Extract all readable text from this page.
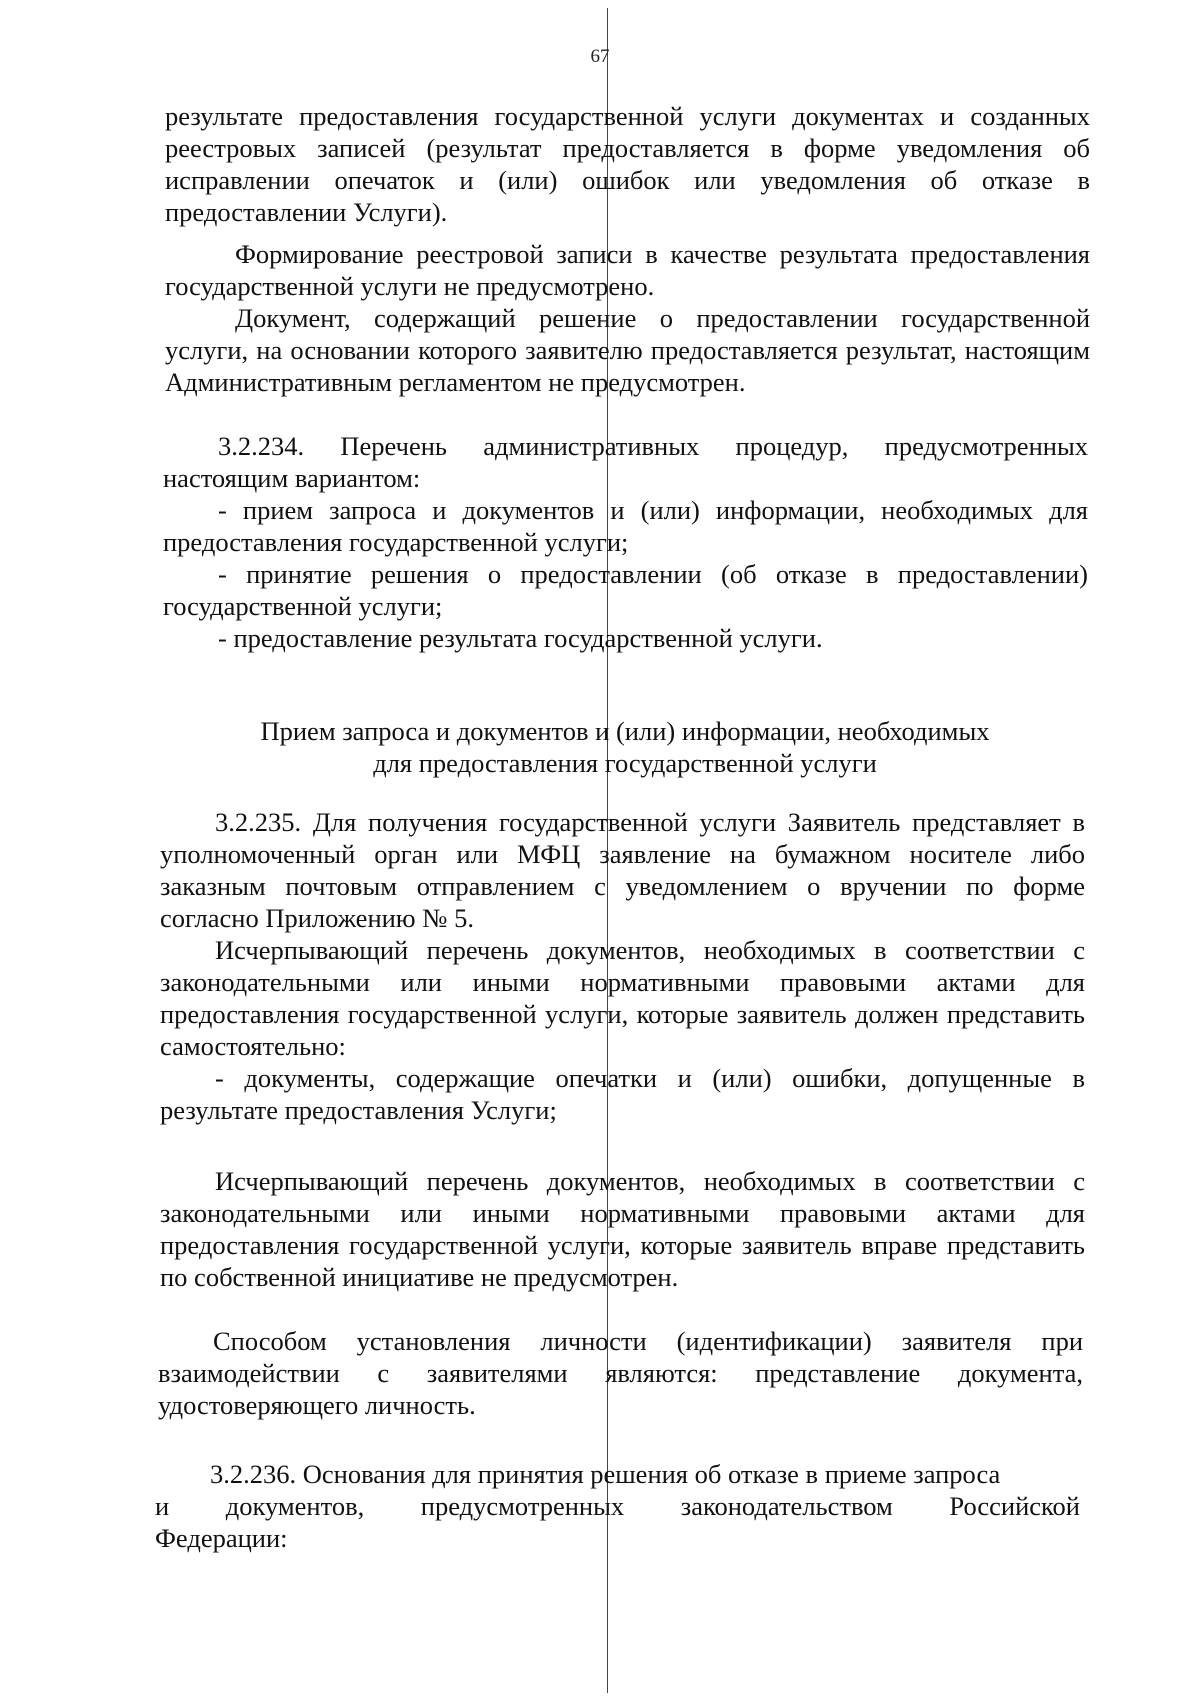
67

результате предоставления государственной услуги документах и созданных реестровых записей (результат предоставляется в форме уведомления об исправлении опечаток и (или) ошибок или уведомления об отказе в предоставлении Услуги).

Формирование реестровой записи в качестве результата предоставления государственной услуги не предусмотрено.

Документ, содержащий решение о предоставлении государственной услуги, на основании которого заявителю предоставляется результат, настоящим Административным регламентом не предусмотрен.

3.2.234. Перечень административных процедур, предусмотренных настоящим вариантом:

- прием запроса и документов и (или) информации, необходимых для предоставления государственной услуги;

- принятие решения о предоставлении (об отказе в предоставлении) государственной услуги;

- предоставление результата государственной услуги.

Прием запроса и документов и (или) информации, необходимых

для предоставления государственной услуги

3.2.235. Для получения государственной услуги Заявитель представляет в уполномоченный орган или МФЦ заявление на бумажном носителе либо заказным почтовым отправлением с уведомлением о вручении по форме согласно Приложению № 5.

Исчерпывающий перечень документов, необходимых в соответствии с законодательными или иными нормативными правовыми актами для предоставления государственной услуги, которые заявитель должен представить самостоятельно:

- документы, содержащие опечатки и (или) ошибки, допущенные в результате предоставления Услуги;

Исчерпывающий перечень документов, необходимых в соответствии с законодательными или иными нормативными правовыми актами для предоставления государственной услуги, которые заявитель вправе представить по собственной инициативе не предусмотрен.

Способом установления личности (идентификации) заявителя при взаимодействии с заявителями являются: представление документа, удостоверяющего личность.

3.2.236. Основания для принятия решения об отказе в приеме запроса

и документов, предусмотренных законодательством Российской

Федерации:
